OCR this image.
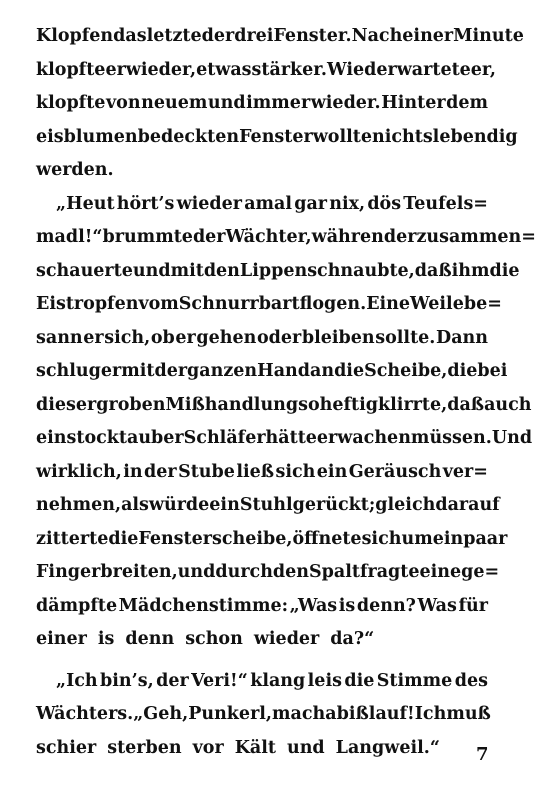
Klopfen das letzte der drei Fenster. Nach einer Minute
klopfte er wieder, etwas stärker. Wieder wartete er,
klopfte von neuem und immer wieder. Hinter dem
eisblumenbedeckten Fenster wollte nichts lebendig
werden.
„Heut hört’s wieder amal gar nix, dös Teufels=
madl!“ brummte der Wächter, während er zusammen=
schauerte und mit den Lippen schnaubte, daß ihm die
Eistropfen vom Schnurrbart flogen. Eine Weile be=
sann er sich, ob er gehen oder bleiben sollte. Dann
schlug er mit der ganzen Hand an die Scheibe, die bei
dieser groben Mißhandlung so heftig klirrte, daß auch
ein stocktauber Schläfer hätte erwachen müssen. Und
wirklich, in der Stube ließ sich ein Geräusch ver=
nehmen, als würde ein Stuhl gerückt; gleich darauf
zitterte die Fensterscheibe, öffnete sich um ein paar
Fingerbreiten, und durch den Spalt fragte eine ge=
dämpfte Mädchenstimme: „Was is denn? Was für
einer is denn schon wieder da?“
„Ich bin’s, der Veri!“ klang leis die Stimme des
Wächters. „Geh, Punkerl, mach a bißl auf! Ich muß
schier sterben vor Kält und Langweil.“ 7
